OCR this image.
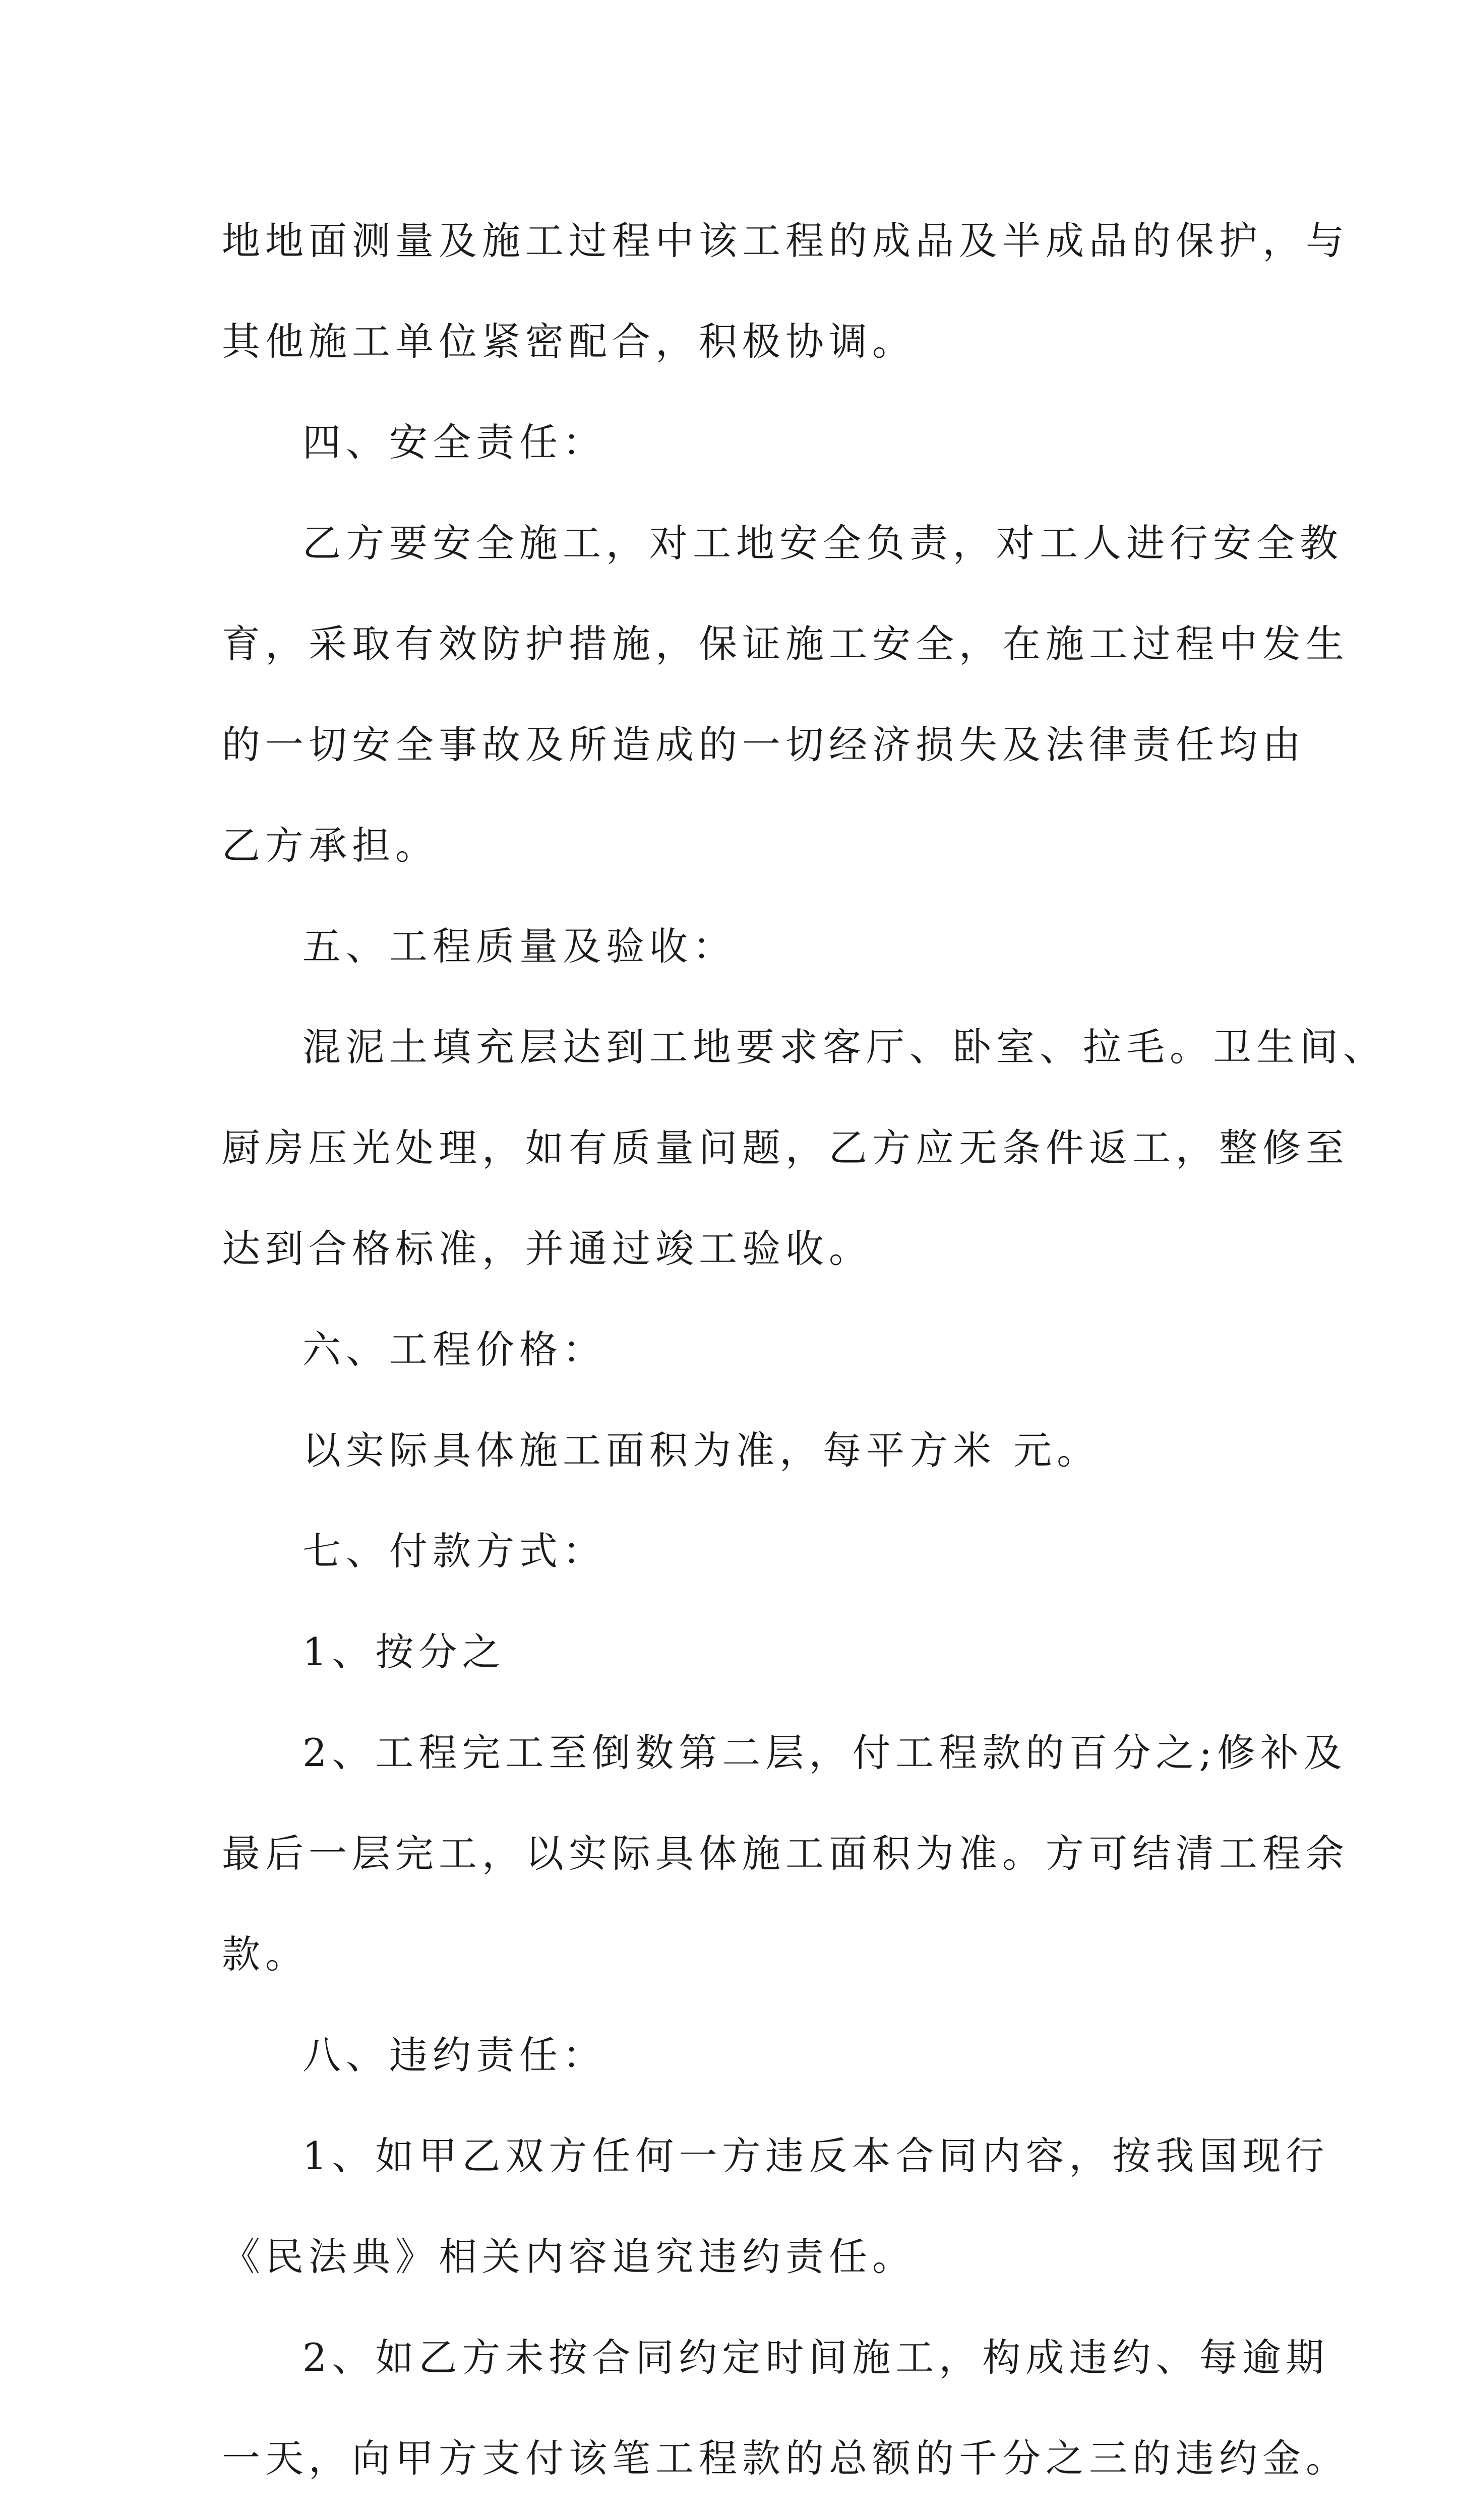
地地面测量及施工过程中该工程的成品及半成品的保护，与
其他施工单位紧密配合，积极协调。
四、安全责任：
乙方要安全施工，对工地安全负责，对工人进行安全教
育，采取有效防护措施，保证施工安全，在施工过程中发生
的一切安全事故及所造成的一切经济损失及法律责任均由
乙方承担。
五、工程质量及验收：
混泥土填充层达到工地要求客厅、卧室、拉毛。卫生间、
厨房压光处理，如有质量问题，乙方应无条件返工，整修至
达到合格标准，并通过竣工验收。
六、工程价格：
以实际具体施工面积为准，每平方米 元。
七、付款方式：
1、按分之
2、工程完工至倒数第二层，付工程款的百分之;修补及
最后一层完工，以实际具体施工面积为准。方可结清工程余
款。
八、违约责任：
1、如甲乙双方任何一方违反本合同内容，按我国现行
《民法典》相关内容追究违约责任。
2、如乙方未按合同约定时间施工，构成违约、每逾期
一天，向甲方支付该笔工程款的总额的千分之三的违约金。
